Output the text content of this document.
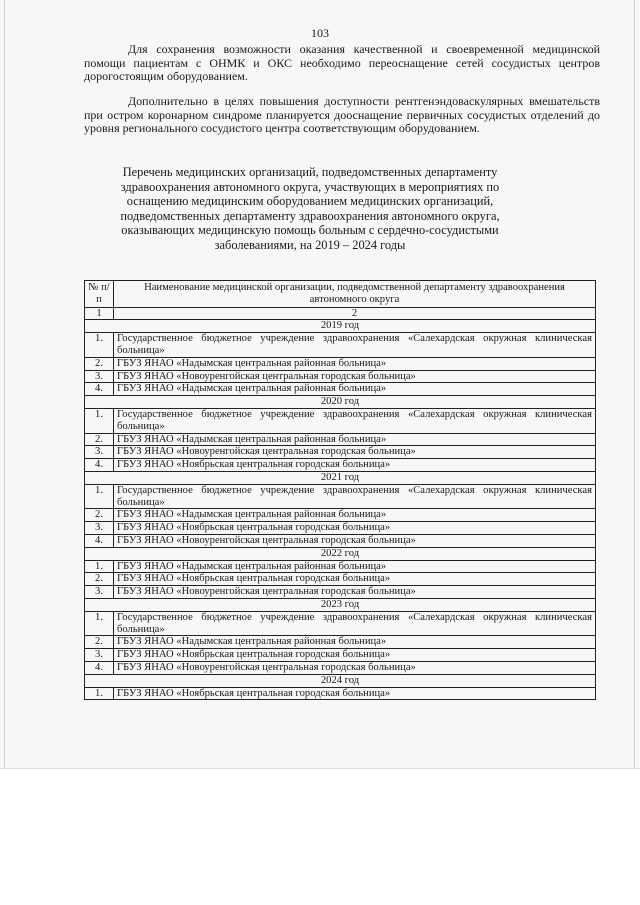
103

Для сохранения возможности оказания качественной и своевременной медицинской помощи пациентам с ОНМК и ОКС необходимо переоснащение сетей сосудистых центров дорогостоящим оборудованием.

Дополнительно в целях повышения доступности рентгенэндоваскулярных вмешательств при остром коронарном синдроме планируется дооснащение первичных сосудистых отделений до уровня регионального сосудистого центра соответствующим оборудованием.

Перечень медицинских организаций, подведомственных департаменту здравоохранения автономного округа, участвующих в мероприятиях по оснащению медицинским оборудованием медицинских организаций, подведомственных департаменту здравоохранения автономного округа, оказывающих медицинскую помощь больным с сердечно-сосудистыми заболеваниями, на 2019 – 2024 годы

№ п/п	Наименование медицинской организации, подведомственной департаменту здравоохранения автономного округа
1	2
2019 год	
1.	Государственное бюджетное учреждение здравоохранения «Салехардская окружная клиническая больница»
2.	ГБУЗ ЯНАО «Надымская центральная районная больница»
3.	ГБУЗ ЯНАО «Новоуренгойская центральная городская больница»
4.	ГБУЗ ЯНАО «Надымская центральная районная больница»
2020 год	
1.	Государственное бюджетное учреждение здравоохранения «Салехардская окружная клиническая больница»
2.	ГБУЗ ЯНАО «Надымская центральная районная больница»
3.	ГБУЗ ЯНАО «Новоуренгойская центральная городская больница»
4.	ГБУЗ ЯНАО «Ноябрьская центральная городская больница»
2021 год	
1.	Государственное бюджетное учреждение здравоохранения «Салехардская окружная клиническая больница»
2.	ГБУЗ ЯНАО «Надымская центральная районная больница»
3.	ГБУЗ ЯНАО «Ноябрьская центральная городская больница»
4.	ГБУЗ ЯНАО «Новоуренгойская центральная городская больница»
2022 год	
1.	ГБУЗ ЯНАО «Надымская центральная районная больница»
2.	ГБУЗ ЯНАО «Ноябрьская центральная городская больница»
3.	ГБУЗ ЯНАО «Новоуренгойская центральная городская больница»
2023 год	
1.	Государственное бюджетное учреждение здравоохранения «Салехардская окружная клиническая больница»
2.	ГБУЗ ЯНАО «Надымская центральная районная больница»
3.	ГБУЗ ЯНАО «Ноябрьская центральная городская больница»
4.	ГБУЗ ЯНАО «Новоуренгойская центральная городская больница»
2024 год	
1.	ГБУЗ ЯНАО «Ноябрьская центральная городская больница»
